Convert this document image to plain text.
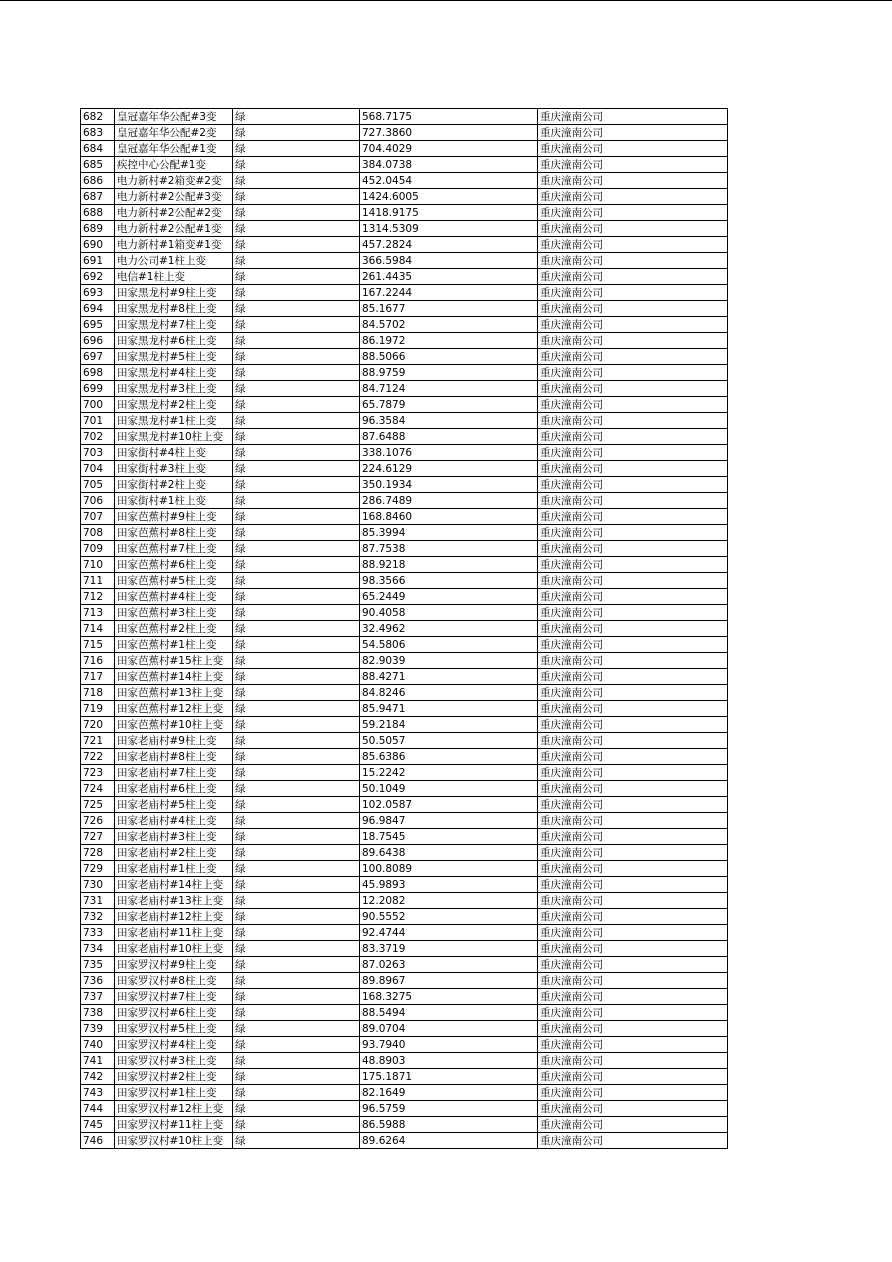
682	皇冠嘉年华公配#3变	绿	568.7175	重庆潼南公司
683	皇冠嘉年华公配#2变	绿	727.3860	重庆潼南公司
684	皇冠嘉年华公配#1变	绿	704.4029	重庆潼南公司
685	疾控中心公配#1变	绿	384.0738	重庆潼南公司
686	电力新村#2箱变#2变	绿	452.0454	重庆潼南公司
687	电力新村#2公配#3变	绿	1424.6005	重庆潼南公司
688	电力新村#2公配#2变	绿	1418.9175	重庆潼南公司
689	电力新村#2公配#1变	绿	1314.5309	重庆潼南公司
690	电力新村#1箱变#1变	绿	457.2824	重庆潼南公司
691	电力公司#1柱上变	绿	366.5984	重庆潼南公司
692	电信#1柱上变	绿	261.4435	重庆潼南公司
693	田家黑龙村#9柱上变	绿	167.2244	重庆潼南公司
694	田家黑龙村#8柱上变	绿	85.1677	重庆潼南公司
695	田家黑龙村#7柱上变	绿	84.5702	重庆潼南公司
696	田家黑龙村#6柱上变	绿	86.1972	重庆潼南公司
697	田家黑龙村#5柱上变	绿	88.5066	重庆潼南公司
698	田家黑龙村#4柱上变	绿	88.9759	重庆潼南公司
699	田家黑龙村#3柱上变	绿	84.7124	重庆潼南公司
700	田家黑龙村#2柱上变	绿	65.7879	重庆潼南公司
701	田家黑龙村#1柱上变	绿	96.3584	重庆潼南公司
702	田家黑龙村#10柱上变	绿	87.6488	重庆潼南公司
703	田家街村#4柱上变	绿	338.1076	重庆潼南公司
704	田家街村#3柱上变	绿	224.6129	重庆潼南公司
705	田家街村#2柱上变	绿	350.1934	重庆潼南公司
706	田家街村#1柱上变	绿	286.7489	重庆潼南公司
707	田家芭蕉村#9柱上变	绿	168.8460	重庆潼南公司
708	田家芭蕉村#8柱上变	绿	85.3994	重庆潼南公司
709	田家芭蕉村#7柱上变	绿	87.7538	重庆潼南公司
710	田家芭蕉村#6柱上变	绿	88.9218	重庆潼南公司
711	田家芭蕉村#5柱上变	绿	98.3566	重庆潼南公司
712	田家芭蕉村#4柱上变	绿	65.2449	重庆潼南公司
713	田家芭蕉村#3柱上变	绿	90.4058	重庆潼南公司
714	田家芭蕉村#2柱上变	绿	32.4962	重庆潼南公司
715	田家芭蕉村#1柱上变	绿	54.5806	重庆潼南公司
716	田家芭蕉村#15柱上变	绿	82.9039	重庆潼南公司
717	田家芭蕉村#14柱上变	绿	88.4271	重庆潼南公司
718	田家芭蕉村#13柱上变	绿	84.8246	重庆潼南公司
719	田家芭蕉村#12柱上变	绿	85.9471	重庆潼南公司
720	田家芭蕉村#10柱上变	绿	59.2184	重庆潼南公司
721	田家老庙村#9柱上变	绿	50.5057	重庆潼南公司
722	田家老庙村#8柱上变	绿	85.6386	重庆潼南公司
723	田家老庙村#7柱上变	绿	15.2242	重庆潼南公司
724	田家老庙村#6柱上变	绿	50.1049	重庆潼南公司
725	田家老庙村#5柱上变	绿	102.0587	重庆潼南公司
726	田家老庙村#4柱上变	绿	96.9847	重庆潼南公司
727	田家老庙村#3柱上变	绿	18.7545	重庆潼南公司
728	田家老庙村#2柱上变	绿	89.6438	重庆潼南公司
729	田家老庙村#1柱上变	绿	100.8089	重庆潼南公司
730	田家老庙村#14柱上变	绿	45.9893	重庆潼南公司
731	田家老庙村#13柱上变	绿	12.2082	重庆潼南公司
732	田家老庙村#12柱上变	绿	90.5552	重庆潼南公司
733	田家老庙村#11柱上变	绿	92.4744	重庆潼南公司
734	田家老庙村#10柱上变	绿	83.3719	重庆潼南公司
735	田家罗汉村#9柱上变	绿	87.0263	重庆潼南公司
736	田家罗汉村#8柱上变	绿	89.8967	重庆潼南公司
737	田家罗汉村#7柱上变	绿	168.3275	重庆潼南公司
738	田家罗汉村#6柱上变	绿	88.5494	重庆潼南公司
739	田家罗汉村#5柱上变	绿	89.0704	重庆潼南公司
740	田家罗汉村#4柱上变	绿	93.7940	重庆潼南公司
741	田家罗汉村#3柱上变	绿	48.8903	重庆潼南公司
742	田家罗汉村#2柱上变	绿	175.1871	重庆潼南公司
743	田家罗汉村#1柱上变	绿	82.1649	重庆潼南公司
744	田家罗汉村#12柱上变	绿	96.5759	重庆潼南公司
745	田家罗汉村#11柱上变	绿	86.5988	重庆潼南公司
746	田家罗汉村#10柱上变	绿	89.6264	重庆潼南公司
